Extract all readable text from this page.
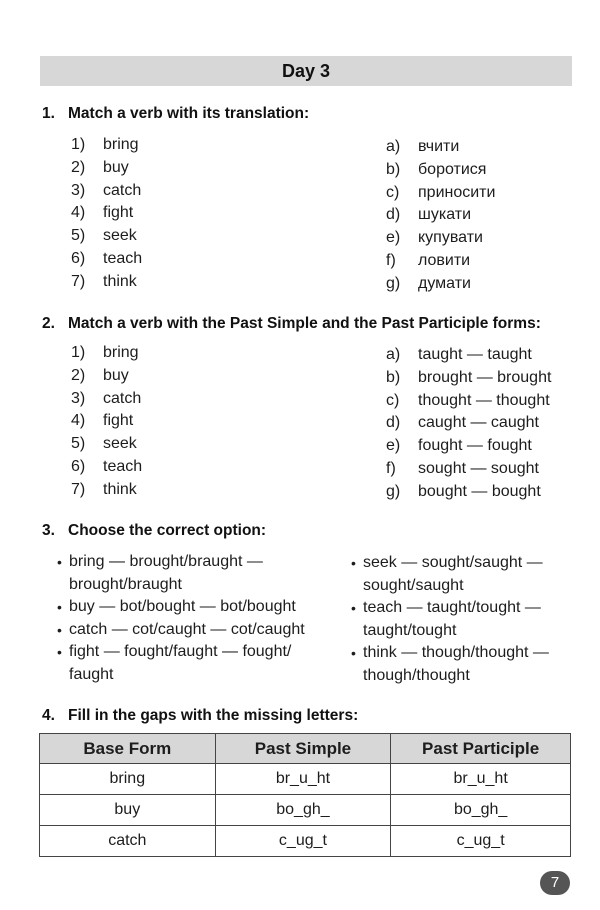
Day 3
1. Match a verb with its translation:
1) bring
2) buy
3) catch
4) fight
5) seek
6) teach
7) think
a) вчити
b) боротися
c) приносити
d) шукати
e) купувати
f) ловити
g) думати
2. Match a verb with the Past Simple and the Past Participle forms:
1) bring
2) buy
3) catch
4) fight
5) seek
6) teach
7) think
a) taught — taught
b) brought — brought
c) thought — thought
d) caught — caught
e) fought — fought
f) sought — sought
g) bought — bought
3. Choose the correct option:
• bring — brought/braught —
brought/braught
• buy — bot/bought — bot/bought
• catch — cot/caught — cot/caught
• fight — fought/faught — fought/
faught
• seek — sought/saught —
sought/saught
• teach — taught/tought —
taught/tought
• think — though/thought —
though/thought
4. Fill in the gaps with the missing letters:
Base Form	Past Simple	Past Participle
bring	br_u_ht	br_u_ht
buy	bo_gh_	bo_gh_
catch	c_ug_t	c_ug_t
7
